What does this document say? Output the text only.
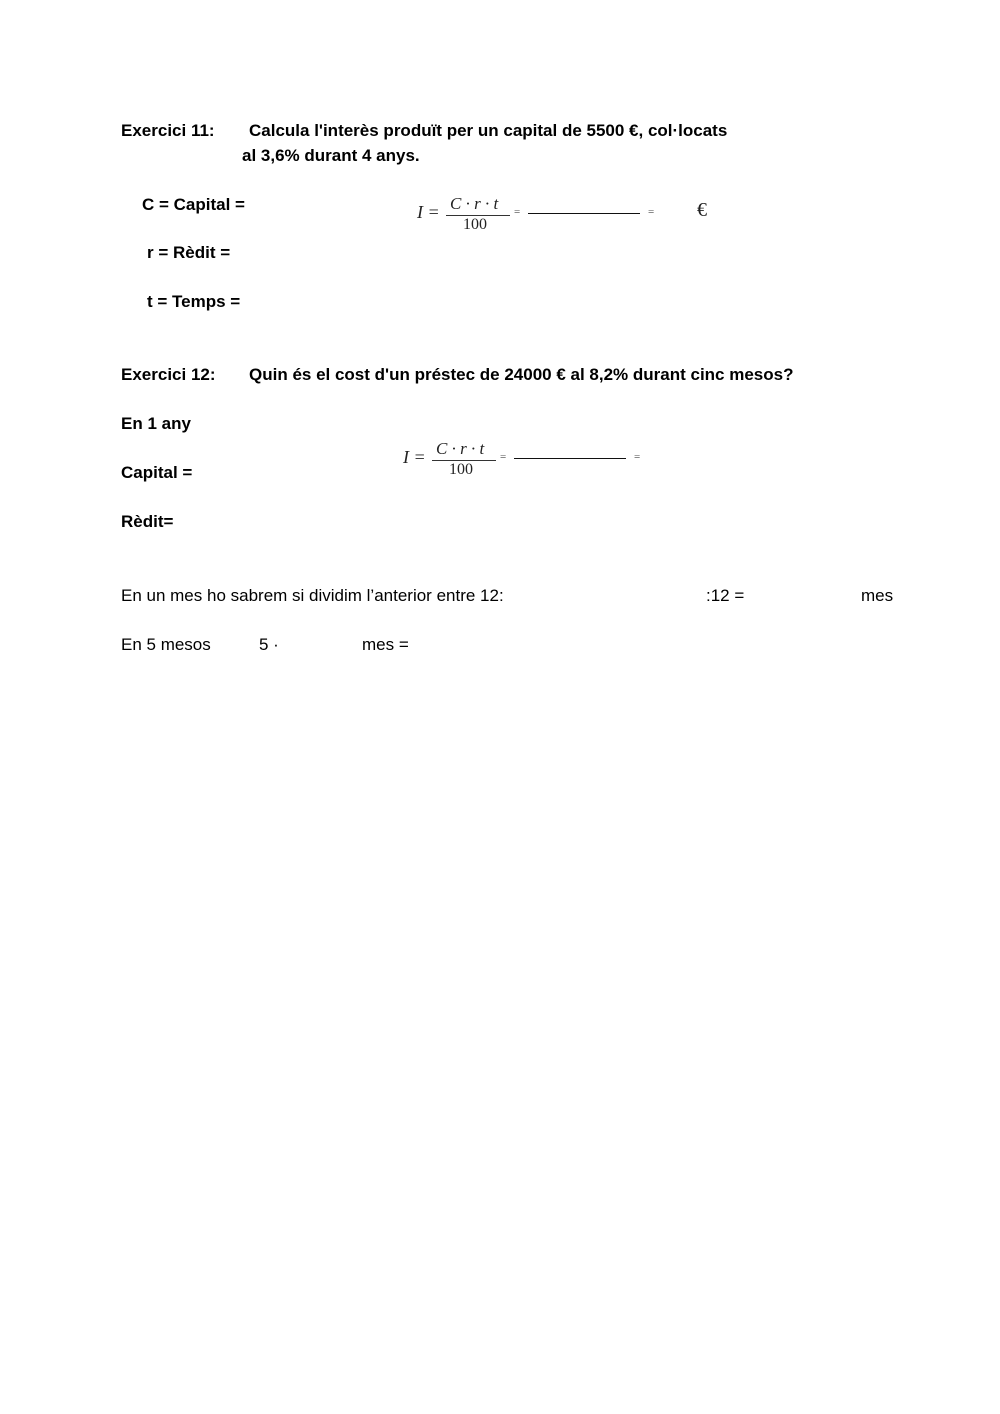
Exercici 11: Calcula l'interès produït per un capital de 5500 €, col·locats
al 3,6% durant 4 anys.
C = Capital =
r = Rèdit =
t = Temps =
I = C · r · t
100
=	= €
Exercici 12: Quin és el cost d'un préstec de 24000 € al 8,2% durant cinc mesos?
En 1 any
Capital =
Rèdit=
I = C · r · t
100
=	=
En un mes ho sabrem si dividim l’anterior entre 12:	:12 =	mes
En 5 mesos	5 ·	mes =
